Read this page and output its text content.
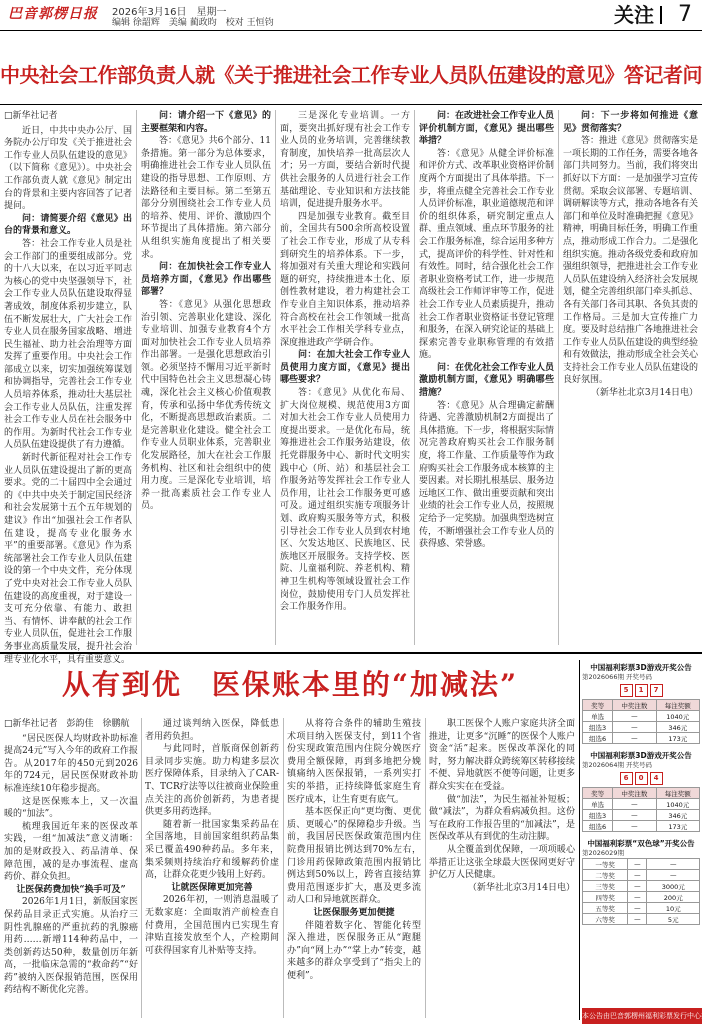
巴音郭楞日报	2026年3月16日　星期一
编辑 徐韶辉　美编 蔺政昀　校对 王恒钧	关注 7
中央社会工作部负责人就《关于推进社会工作专业人员队伍建设的意见》答记者问

□新华社记者

近日，中共中央办公厅、国务院办公厅印发《关于推进社会工作专业人员队伍建设的意见》（以下简称《意见》）。中央社会工作部负责人就《意见》制定出台的背景和主要内容回答了记者提问。

问：请简要介绍《意见》出台的背景和意义。

答：社会工作专业人员是社会工作部门的重要组成部分。党的十八大以来，在以习近平同志为核心的党中央坚强领导下，社会工作专业人员队伍建设取得显著成效，制度体系初步建立，队伍不断发展壮大，广大社会工作专业人员在服务国家战略、增进民生福祉、助力社会治理等方面发挥了重要作用。中央社会工作部成立以来，切实加强统筹谋划和协调指导，完善社会工作专业人员培养体系，推动壮大基层社会工作专业人员队伍，注重发挥社会工作专业人员在社会服务中的作用。为新时代社会工作专业人员队伍建设提供了有力遵循。

新时代新征程对社会工作专业人员队伍建设提出了新的更高要求。党的二十届四中全会通过的《中共中央关于制定国民经济和社会发展第十五个五年规划的建议》作出“加强社会工作者队伍建设，提高专业化服务水平”的重要部署。《意见》作为系统部署社会工作专业人员队伍建设的第一个中央文件，充分体现了党中央对社会工作专业人员队伍建设的高度重视，对于建设一支可充分依靠、有能力、敢担当、有情怀、讲奉献的社会工作专业人员队伍，促进社会工作服务事业高质量发展，提升社会治理专业化水平，具有重要意义。

问：请介绍一下《意见》的主要框架和内容。

答：《意见》共6个部分、11条措施。第一部分为总体要求，明确推进社会工作专业人员队伍建设的指导思想、工作原则、方法路径和主要目标。第二至第五部分分别围绕社会工作专业人员的培养、使用、评价、激励四个环节提出了具体措施。第六部分从组织实施角度提出了相关要求。

问：在加快社会工作专业人员培养方面，《意见》作出哪些部署？

答：《意见》从强化思想政治引领、完善职业化建设、深化专业培训、加强专业教育4个方面对加快社会工作专业人员培养作出部署。一是强化思想政治引领。必须坚持不懈用习近平新时代中国特色社会主义思想凝心铸魂，深化社会主义核心价值观教育，传承和弘扬中华优秀传统文化，不断提高思想政治素质。二是完善职业化建设。健全社会工作专业人员职业体系，完善职业化发展路径，加大在社会工作服务机构、社区和社会组织中的使用力度。三是深化专业培训，培养一批高素质社会工作专业人员。

三是深化专业培训。一方面，要突出抓好现有社会工作专业人员的业务培训，完善继续教育制度，加快培养一批高层次人才；另一方面，要结合新时代提供社会服务的人员进行社会工作基础理论、专业知识和方法技能培训，促进提升服务水平。

四是加强专业教育。截至目前，全国共有500余所高校设置了社会工作专业，形成了从专科到研究生的培养体系。下一步，将加强对有关重大理论和实践问题的研究，持续推进本土化、原创性教材建设，着力构建社会工作专业自主知识体系，推动培养符合高校在社会工作领域一批高水平社会工作相关学科专业点，深度推进政产学研合作。

问：在加大社会工作专业人员使用力度方面，《意见》提出哪些要求？

答：《意见》从优化布局、扩大岗位规模、规范使用3方面对加大社会工作专业人员使用力度提出要求。一是优化布局，统筹推进社会工作服务站建设，依托党群服务中心、新时代文明实践中心（所、站）和基层社会工作服务站等发挥社会工作专业人员作用，让社会工作服务更可感可及。通过组织实施专项服务计划、政府购买服务等方式，积极引导社会工作专业人员到农村地区、欠发达地区、民族地区、民族地区开展服务。支持学校、医院、儿童福利院、养老机构、精神卫生机构等领域设置社会工作岗位，鼓励使用专门人员发挥社会工作服务作用。

问：在改进社会工作专业人员评价机制方面，《意见》提出哪些举措？

答：《意见》从健全评价标准和评价方式、改革职业资格评价制度两个方面提出了具体举措。下一步，将重点健全完善社会工作专业人员评价标准，职业道德规范和评价的组织体系，研究制定重点人群、重点领域、重点环节服务的社会工作服务标准，综合运用多种方式，提高评价的科学性、针对性和有效性。同时，结合强化社会工作者职业资格考试工作，进一步规范高级社会工作师评审等工作，促进社会工作专业人员素质提升，推动社会工作者职业资格证书登记管理和服务，在深入研究论证的基础上探索完善专业职称管理的有效措施。

问：在优化社会工作专业人员激励机制方面，《意见》明确哪些措施？

答：《意见》从合理确定薪酬待遇、完善激励机制2方面提出了具体措施。下一步，将根据实际情况完善政府购买社会工作服务制度，将工作量、工作质量等作为政府购买社会工作服务成本核算的主要因素。对长期扎根基层、服务边远地区工作、做出重要贡献和突出业绩的社会工作专业人员，按照规定给予一定奖励。加强典型选树宣传，不断增强社会工作专业人员的获得感、荣誉感。

问：下一步将如何推进《意见》贯彻落实？

答：推进《意见》贯彻落实是一项长期的工作任务，需要各地各部门共同努力。当前，我们将突出抓好以下方面：一是加强学习宣传贯彻。采取会议部署、专题培训、调研解读等方式，推动各地各有关部门和单位及时准确把握《意见》精神，明确目标任务，明确工作重点，推动形成工作合力。二是强化组织实施。推动各级党委和政府加强组织领导，把推进社会工作专业人员队伍建设纳入经济社会发展规划，健全完善组织部门牵头抓总、各有关部门各司其职、各负其责的工作格局。三是加大宣传推广力度。要及时总结推广各地推进社会工作专业人员队伍建设的典型经验和有效做法，推动形成全社会关心支持社会工作专业人员队伍建设的良好氛围。

（新华社北京3月14日电）

从有到优　医保账本里的“加减法”

□新华社记者　彭韵佳　徐鹏航

“居民医保人均财政补助标准提高24元”写入今年的政府工作报告。从2017年的450元到2026年的724元，居民医保财政补助标准连续10年稳步提高。

这是医保账本上，又一次温暖的“加法”。

梳理我国近年来的医保改革实践，一组“加减法”意义清晰：加的是财政投入、药品清单、保障范围，减的是办事流程、虚高药价、群众负担。

让医保药费加快“换手可及”

2026年1月1日，新版国家医保药品目录正式实施。从治疗三阴性乳腺癌的严重抗药的乳腺癌用药……新增114种药品中，一类创新药达50种，数量创历年新高，一批临床急需的“救命药”“好药”被纳入医保报销范围，医保用药结构不断优化完善。

通过谈判纳入医保，降低患者用药负担。

与此同时，首版商保创新药目录同步实施。助力构建多层次医疗保障体系，目录纳入了CAR-T、TCR疗法等以往被商业保险重点关注的高价创新药，为患者提供更多用药选择。

随着新一批国家集采药品在全国落地，目前国家组织药品集采已覆盖490种药品。多年来，集采频则持续治疗和缓解药价虚高，让群众花更少钱用上好药。

让就医保障更加完善

2026年初，一则消息温暖了无数家庭：全面取消产前检查自付费用，全国范围内已实现生育津贴直接发放至个人，产检期间可获得国家育儿补贴等支持。

从将符合条件的辅助生殖技术项目纳入医保支付，到11个省份实现政策范围内住院分娩医疗费用全额保障，再到多地把分娩镇痛纳入医保报销，一系列实打实的举措，正持续降低家庭生育医疗成本，让生育更有底气。

基本医保正向“更均衡、更优质、更暖心”的保障稳步升级。当前，我国居民医保政策范围内住院费用报销比例达到70%左右，门诊用药保障政策范围内报销比例达到50%以上，跨省直接结算费用范围逐步扩大，惠及更多流动人口和异地就医群众。

让医保服务更加便捷

伴随着数字化、智能化转型深入推进，医保服务正从“跑腿办”向“网上办”“掌上办”转变，越来越多的群众享受到了“指尖上的便利”。

职工医保个人账户家庭共济全面推进，让更多“沉睡”的医保个人账户资金“活”起来。医保改革深化的同时，努力解决群众跨统筹区转移接续不便、异地就医不便等问题，让更多群众实实在在受益。

做“加法”，为民生福祉补短板；做“减法”，为群众看病减负担。这份写在政府工作报告里的“加减法”，是医保改革从有到优的生动注脚。

从全覆盖到优保障，一项项暖心举措正让这张全球最大医保网更好守护亿万人民健康。

（新华社北京3月14日电）

中国福利彩票3D游戏开奖公告
第2026066期 开奖号码
5	1	7
奖等	中奖注数	每注奖额
单选	—	1040元
组选3	—	346元
组选6	—	173元
中国福利彩票3D游戏开奖公告
第2026064期 开奖号码
6	0	4
奖等	中奖注数	每注奖额
单选	—	1040元
组选3	—	346元
组选6	—	173元
中国福利彩票“双色球”开奖公告
第2026029期
一等奖	—	—
二等奖	—	—
三等奖	—	3000元
四等奖	—	200元
五等奖	—	10元
六等奖	—	5元
本公告由巴音郭楞州福利彩票发行中心提供
